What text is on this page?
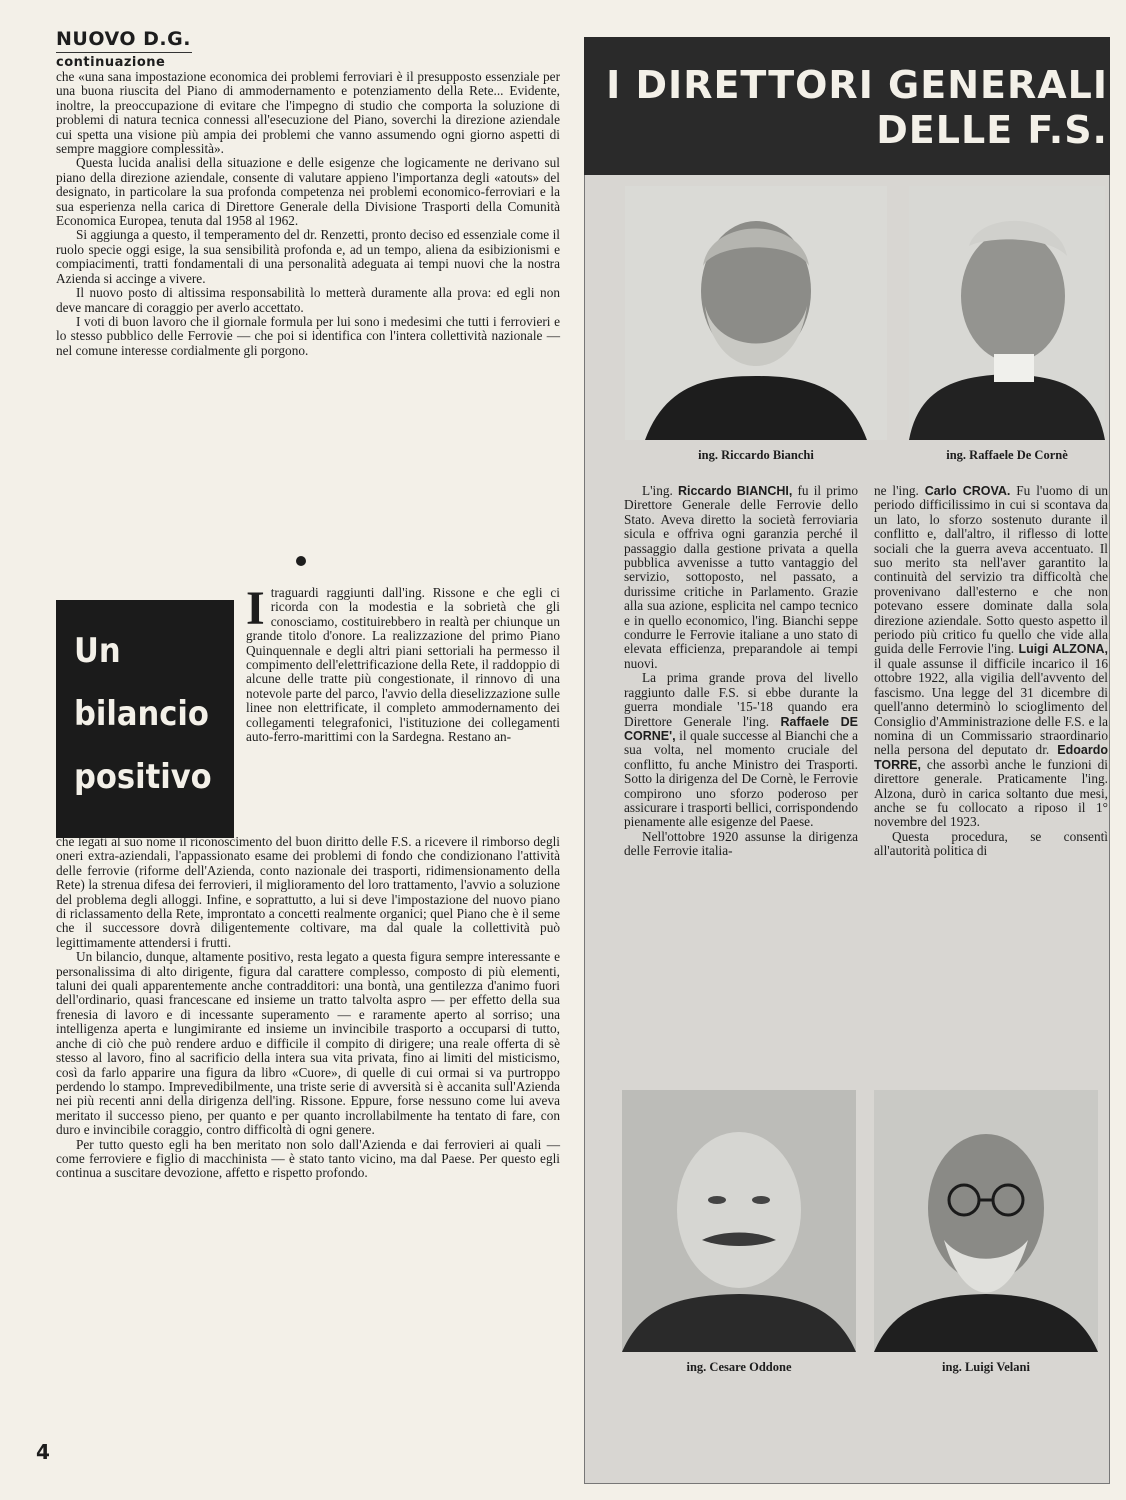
NUOVO D.G.
continuazione

che «una sana impostazione economica dei problemi ferroviari è il presupposto essenziale per una buona riuscita del Piano di ammodernamento e potenziamento della Rete... Evidente, inoltre, la preoccupazione di evitare che l'impegno di studio che comporta la soluzione di problemi di natura tecnica connessi all'esecuzione del Piano, soverchi la direzione aziendale cui spetta una visione più ampia dei problemi che vanno assumendo ogni giorno aspetti di sempre maggiore complessità».

Questa lucida analisi della situazione e delle esigenze che logicamente ne derivano sul piano della direzione aziendale, consente di valutare appieno l'importanza degli «atouts» del designato, in particolare la sua profonda competenza nei problemi economico-ferroviari e la sua esperienza nella carica di Direttore Generale della Divisione Trasporti della Comunità Economica Europea, tenuta dal 1958 al 1962.

Si aggiunga a questo, il temperamento del dr. Renzetti, pronto deciso ed essenziale come il ruolo specie oggi esige, la sua sensibilità profonda e, ad un tempo, aliena da esibizionismi e compiacimenti, tratti fondamentali di una personalità adeguata ai tempi nuovi che la nostra Azienda si accinge a vivere.

Il nuovo posto di altissima responsabilità lo metterà duramente alla prova: ed egli non deve mancare di coraggio per averlo accettato.

I voti di buon lavoro che il giornale formula per lui sono i medesimi che tutti i ferrovieri e lo stesso pubblico delle Ferrovie — che poi si identifica con l'intera collettività nazionale — nel comune interesse cordialmente gli porgono.

Un
bilancio
positivo

Itraguardi raggiunti dall'ing. Rissone e che egli ci ricorda con la modestia e la sobrietà che gli conosciamo, costituirebbero in realtà per chiunque un grande titolo d'onore. La realizzazione del primo Piano Quinquennale e degli altri piani settoriali ha permesso il compimento dell'elettrificazione della Rete, il raddoppio di alcune delle tratte più congestionate, il rinnovo di una notevole parte del parco, l'avvio della dieselizzazione sulle linee non elettrificate, il completo ammodernamento dei collegamenti telegrafonici, l'istituzione dei collegamenti auto-ferro-marittimi con la Sardegna. Restano an-

che legati al suo nome il riconoscimento del buon diritto delle F.S. a ricevere il rimborso degli oneri extra-aziendali, l'appassionato esame dei problemi di fondo che condizionano l'attività delle ferrovie (riforme dell'Azienda, conto nazionale dei trasporti, ridimensionamento della Rete) la strenua difesa dei ferrovieri, il miglioramento del loro trattamento, l'avvio a soluzione del problema degli alloggi. Infine, e soprattutto, a lui si deve l'impostazione del nuovo piano di riclassamento della Rete, improntato a concetti realmente organici; quel Piano che è il seme che il successore dovrà diligentemente coltivare, ma dal quale la collettività può legittimamente attendersi i frutti.

Un bilancio, dunque, altamente positivo, resta legato a questa figura sempre interessante e personalissima di alto dirigente, figura dal carattere complesso, composto di più elementi, taluni dei quali apparentemente anche contradditori: una bontà, una gentilezza d'animo fuori dell'ordinario, quasi francescane ed insieme un tratto talvolta aspro — per effetto della sua frenesia di lavoro e di incessante superamento — e raramente aperto al sorriso; una intelligenza aperta e lungimirante ed insieme un invincibile trasporto a occuparsi di tutto, anche di ciò che può rendere arduo e difficile il compito di dirigere; una reale offerta di sè stesso al lavoro, fino al sacrificio della intera sua vita privata, fino ai limiti del misticismo, così da farlo apparire una figura da libro «Cuore», di quelle di cui ormai si va purtroppo perdendo lo stampo. Imprevedibilmente, una triste serie di avversità si è accanita sull'Azienda nei più recenti anni della dirigenza dell'ing. Rissone. Eppure, forse nessuno come lui aveva meritato il successo pieno, per quanto e per quanto incrollabilmente ha tentato di fare, con duro e invincibile coraggio, contro difficoltà di ogni genere.

Per tutto questo egli ha ben meritato non solo dall'Azienda e dai ferrovieri ai quali — come ferroviere e figlio di macchinista — è stato tanto vicino, ma dal Paese. Per questo egli continua a suscitare devozione, affetto e rispetto profondo.

4
I DIRETTORI GENERALI
DELLE F.S.
ing. Riccardo Bianchi	ing. Raffaele De Cornè

L'ing. Riccardo BIANCHI, fu il primo Direttore Generale delle Ferrovie dello Stato. Aveva diretto la società ferroviaria sicula e offriva ogni garanzia perché il passaggio dalla gestione privata a quella pubblica avvenisse a tutto vantaggio del servizio, sottoposto, nel passato, a durissime critiche in Parlamento. Grazie alla sua azione, esplicita nel campo tecnico e in quello economico, l'ing. Bianchi seppe condurre le Ferrovie italiane a uno stato di elevata efficienza, preparandole ai tempi nuovi.

La prima grande prova del livello raggiunto dalle F.S. si ebbe durante la guerra mondiale '15-'18 quando era Direttore Generale l'ing. Raffaele DE CORNE', il quale successe al Bianchi che a sua volta, nel momento cruciale del conflitto, fu anche Ministro dei Trasporti. Sotto la dirigenza del De Cornè, le Ferrovie compirono uno sforzo poderoso per assicurare i trasporti bellici, corrispondendo pienamente alle esigenze del Paese.

Nell'ottobre 1920 assunse la dirigenza delle Ferrovie italia-

ne l'ing. Carlo CROVA. Fu l'uomo di un periodo difficilissimo in cui si scontava da un lato, lo sforzo sostenuto durante il conflitto e, dall'altro, il riflesso di lotte sociali che la guerra aveva accentuato. Il suo merito sta nell'aver garantito la continuità del servizio tra difficoltà che provenivano dall'esterno e che non potevano essere dominate dalla sola direzione aziendale. Sotto questo aspetto il periodo più critico fu quello che vide alla guida delle Ferrovie l'ing. Luigi ALZONA, il quale assunse il difficile incarico il 16 ottobre 1922, alla vigilia dell'avvento del fascismo. Una legge del 31 dicembre di quell'anno determinò lo scioglimento del Consiglio d'Amministrazione delle F.S. e la nomina di un Commissario straordinario nella persona del deputato dr. Edoardo TORRE, che assorbì anche le funzioni di direttore generale. Praticamente l'ing. Alzona, durò in carica soltanto due mesi, anche se fu collocato a riposo il 1° novembre del 1923.

Questa procedura, se consentì all'autorità politica di

ing. Cesare Oddone	ing. Luigi Velani
